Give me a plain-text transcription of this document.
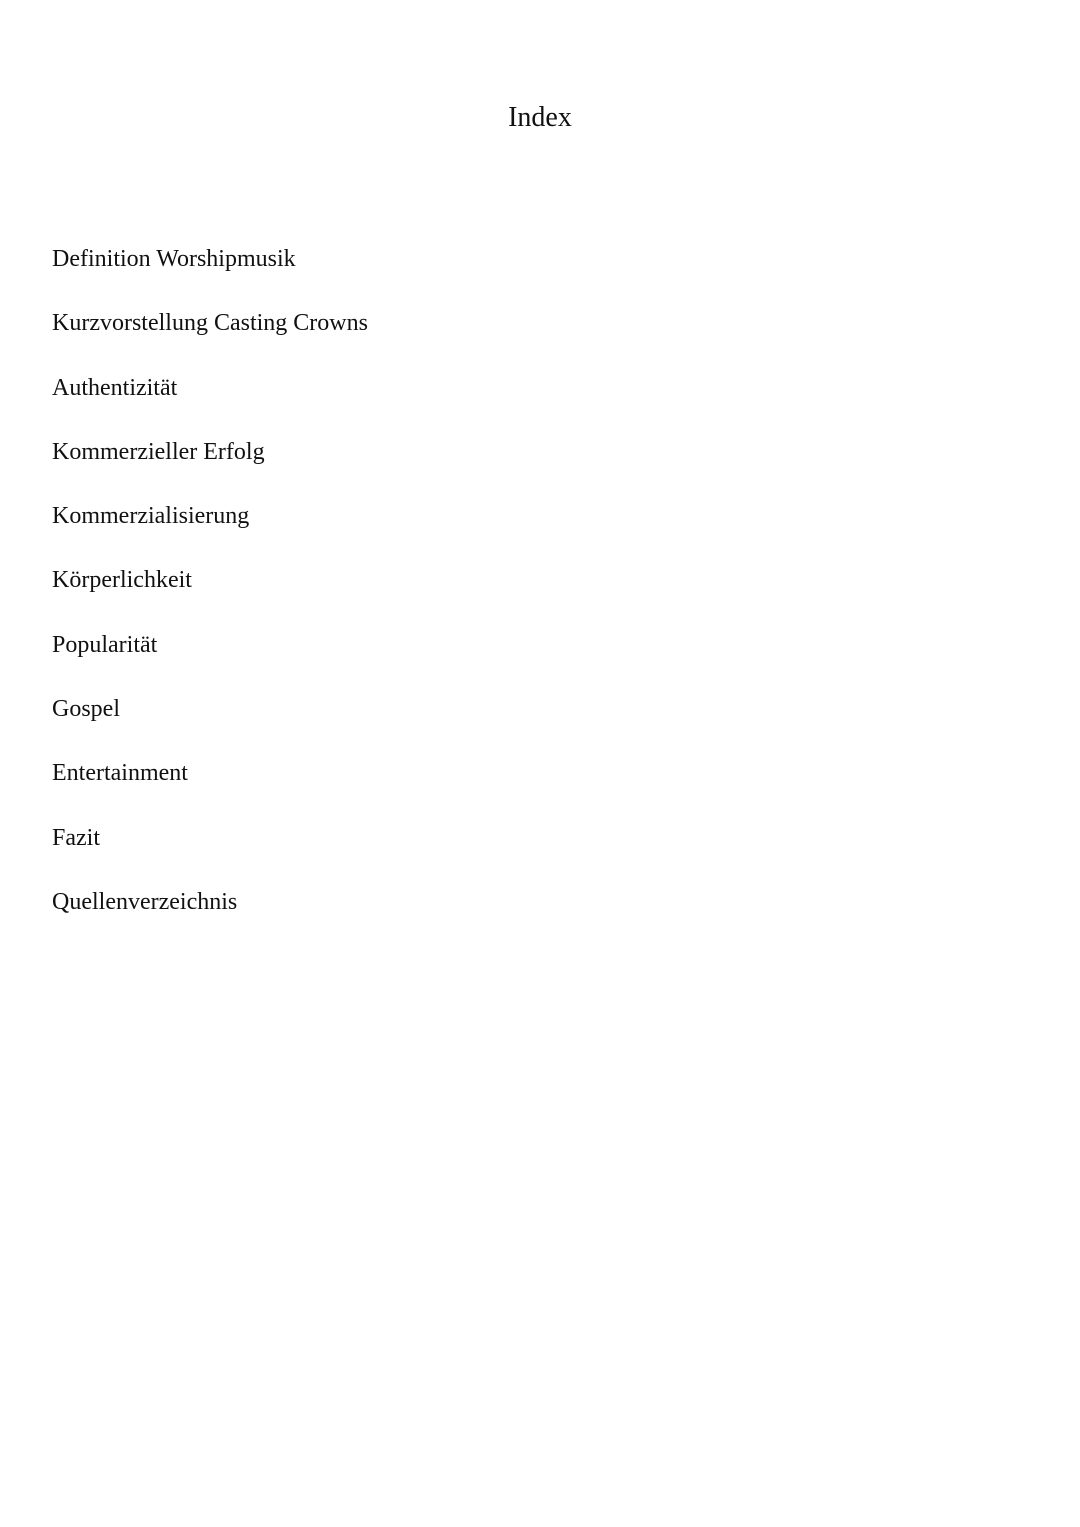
Index
Definition Worshipmusik
Kurzvorstellung Casting Crowns
Authentizität
Kommerzieller Erfolg
Kommerzialisierung
Körperlichkeit
Popularität
Gospel
Entertainment
Fazit
Quellenverzeichnis
